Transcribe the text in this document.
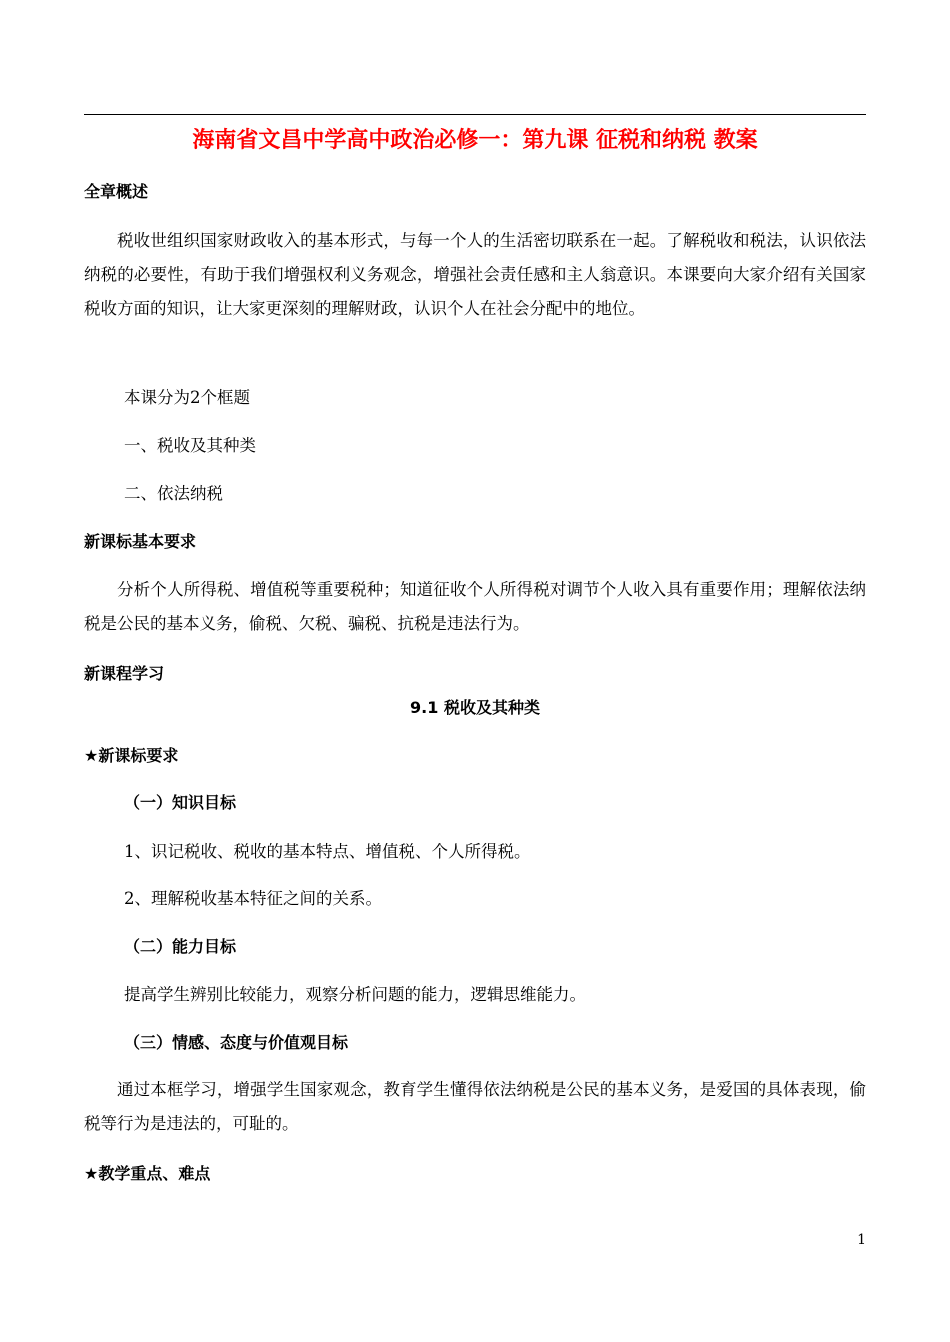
海南省文昌中学高中政治必修一：第九课 征税和纳税 教案
全章概述

税收世组织国家财政收入的基本形式，与每一个人的生活密切联系在一起。了解税收和税法，认识依法纳税的必要性，有助于我们增强权利义务观念，增强社会责任感和主人翁意识。本课要向大家介绍有关国家税收方面的知识，让大家更深刻的理解财政，认识个人在社会分配中的地位。

本课分为2个框题
一、税收及其种类
二、依法纳税
新课标基本要求

分析个人所得税、增值税等重要税种；知道征收个人所得税对调节个人收入具有重要作用；理解依法纳税是公民的基本义务，偷税、欠税、骗税、抗税是违法行为。

新课程学习
9.1 税收及其种类
★新课标要求
（一）知识目标
1、识记税收、税收的基本特点、增值税、个人所得税。
2、理解税收基本特征之间的关系。
（二）能力目标
提高学生辨别比较能力，观察分析问题的能力，逻辑思维能力。
（三）情感、态度与价值观目标

通过本框学习，增强学生国家观念，教育学生懂得依法纳税是公民的基本义务，是爱国的具体表现，偷税等行为是违法的，可耻的。

★教学重点、难点
1
